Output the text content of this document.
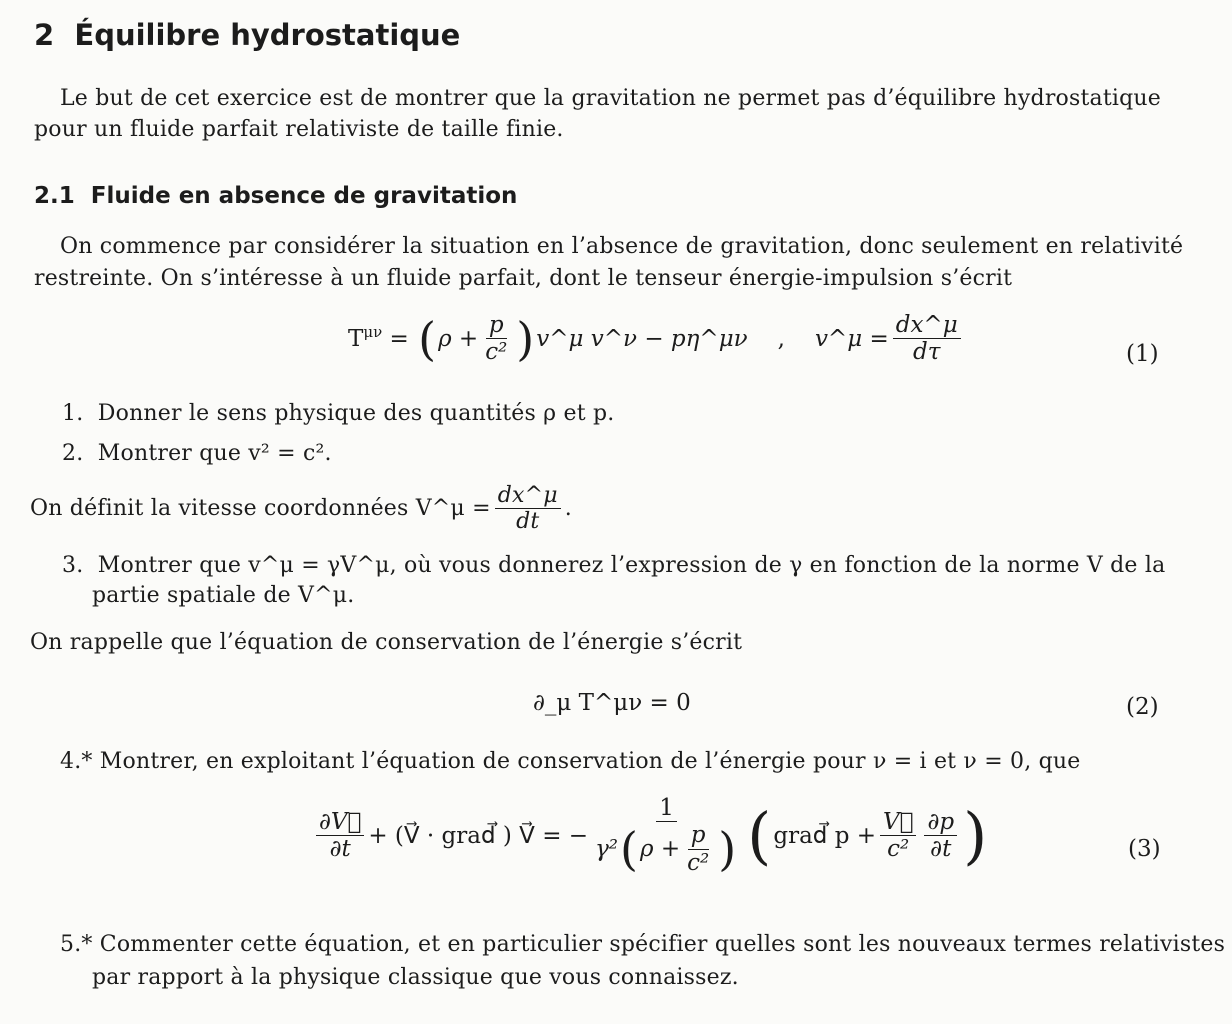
2 Équilibre hydrostatique
Le but de cet exercice est de montrer que la gravitation ne permet pas d’équilibre hydrostatique
pour un fluide parfait relativiste de taille finie.
2.1 Fluide en absence de gravitation
On commence par considérer la situation en l’absence de gravitation, donc seulement en relativité
restreinte. On s’intéresse à un fluide parfait, dont le tenseur énergie-impulsion s’écrit
$T^{\mu\nu}$
=
( $\rho + \frac{p}{\text{c²}}$ ) v^μ v^ν − pη^μν , v^μ = $\frac{dx\^{}\mu}{d\tau}$	(1)
1. Donner le sens physique des quantités ρ et p.
2. Montrer que v² = c².
On définit la vitesse coordonnées V^μ = $\frac{dx\^{}\mu}{dt}$ .
3. Montrer que v^μ = γV^μ, où vous donnerez l’expression de γ en fonction de la norme V de la
partie spatiale de V^μ.
On rappelle que l’équation de conservation de l’énergie s’écrit
∂_μ T^μν = 0	(2)
4.* Montrer, en exploitant l’équation de conservation de l’énergie pour ν = i et ν = 0, que
$\frac{\partial V⃗}{\partial t}$ + (V⃗ · grad⃗ ) V⃗ = − $\frac{1}{\gamma^2 ( \rho + \frac{p}{\text{c²}} )}$ ( grad⃗ $p + \frac{V⃗}{\text{c²}} \frac{\partial p}{\partial t}$ )	(3)
5.* Commenter cette équation, et en particulier spécifier quelles sont les nouveaux termes relativistes
par rapport à la physique classique que vous connaissez.
